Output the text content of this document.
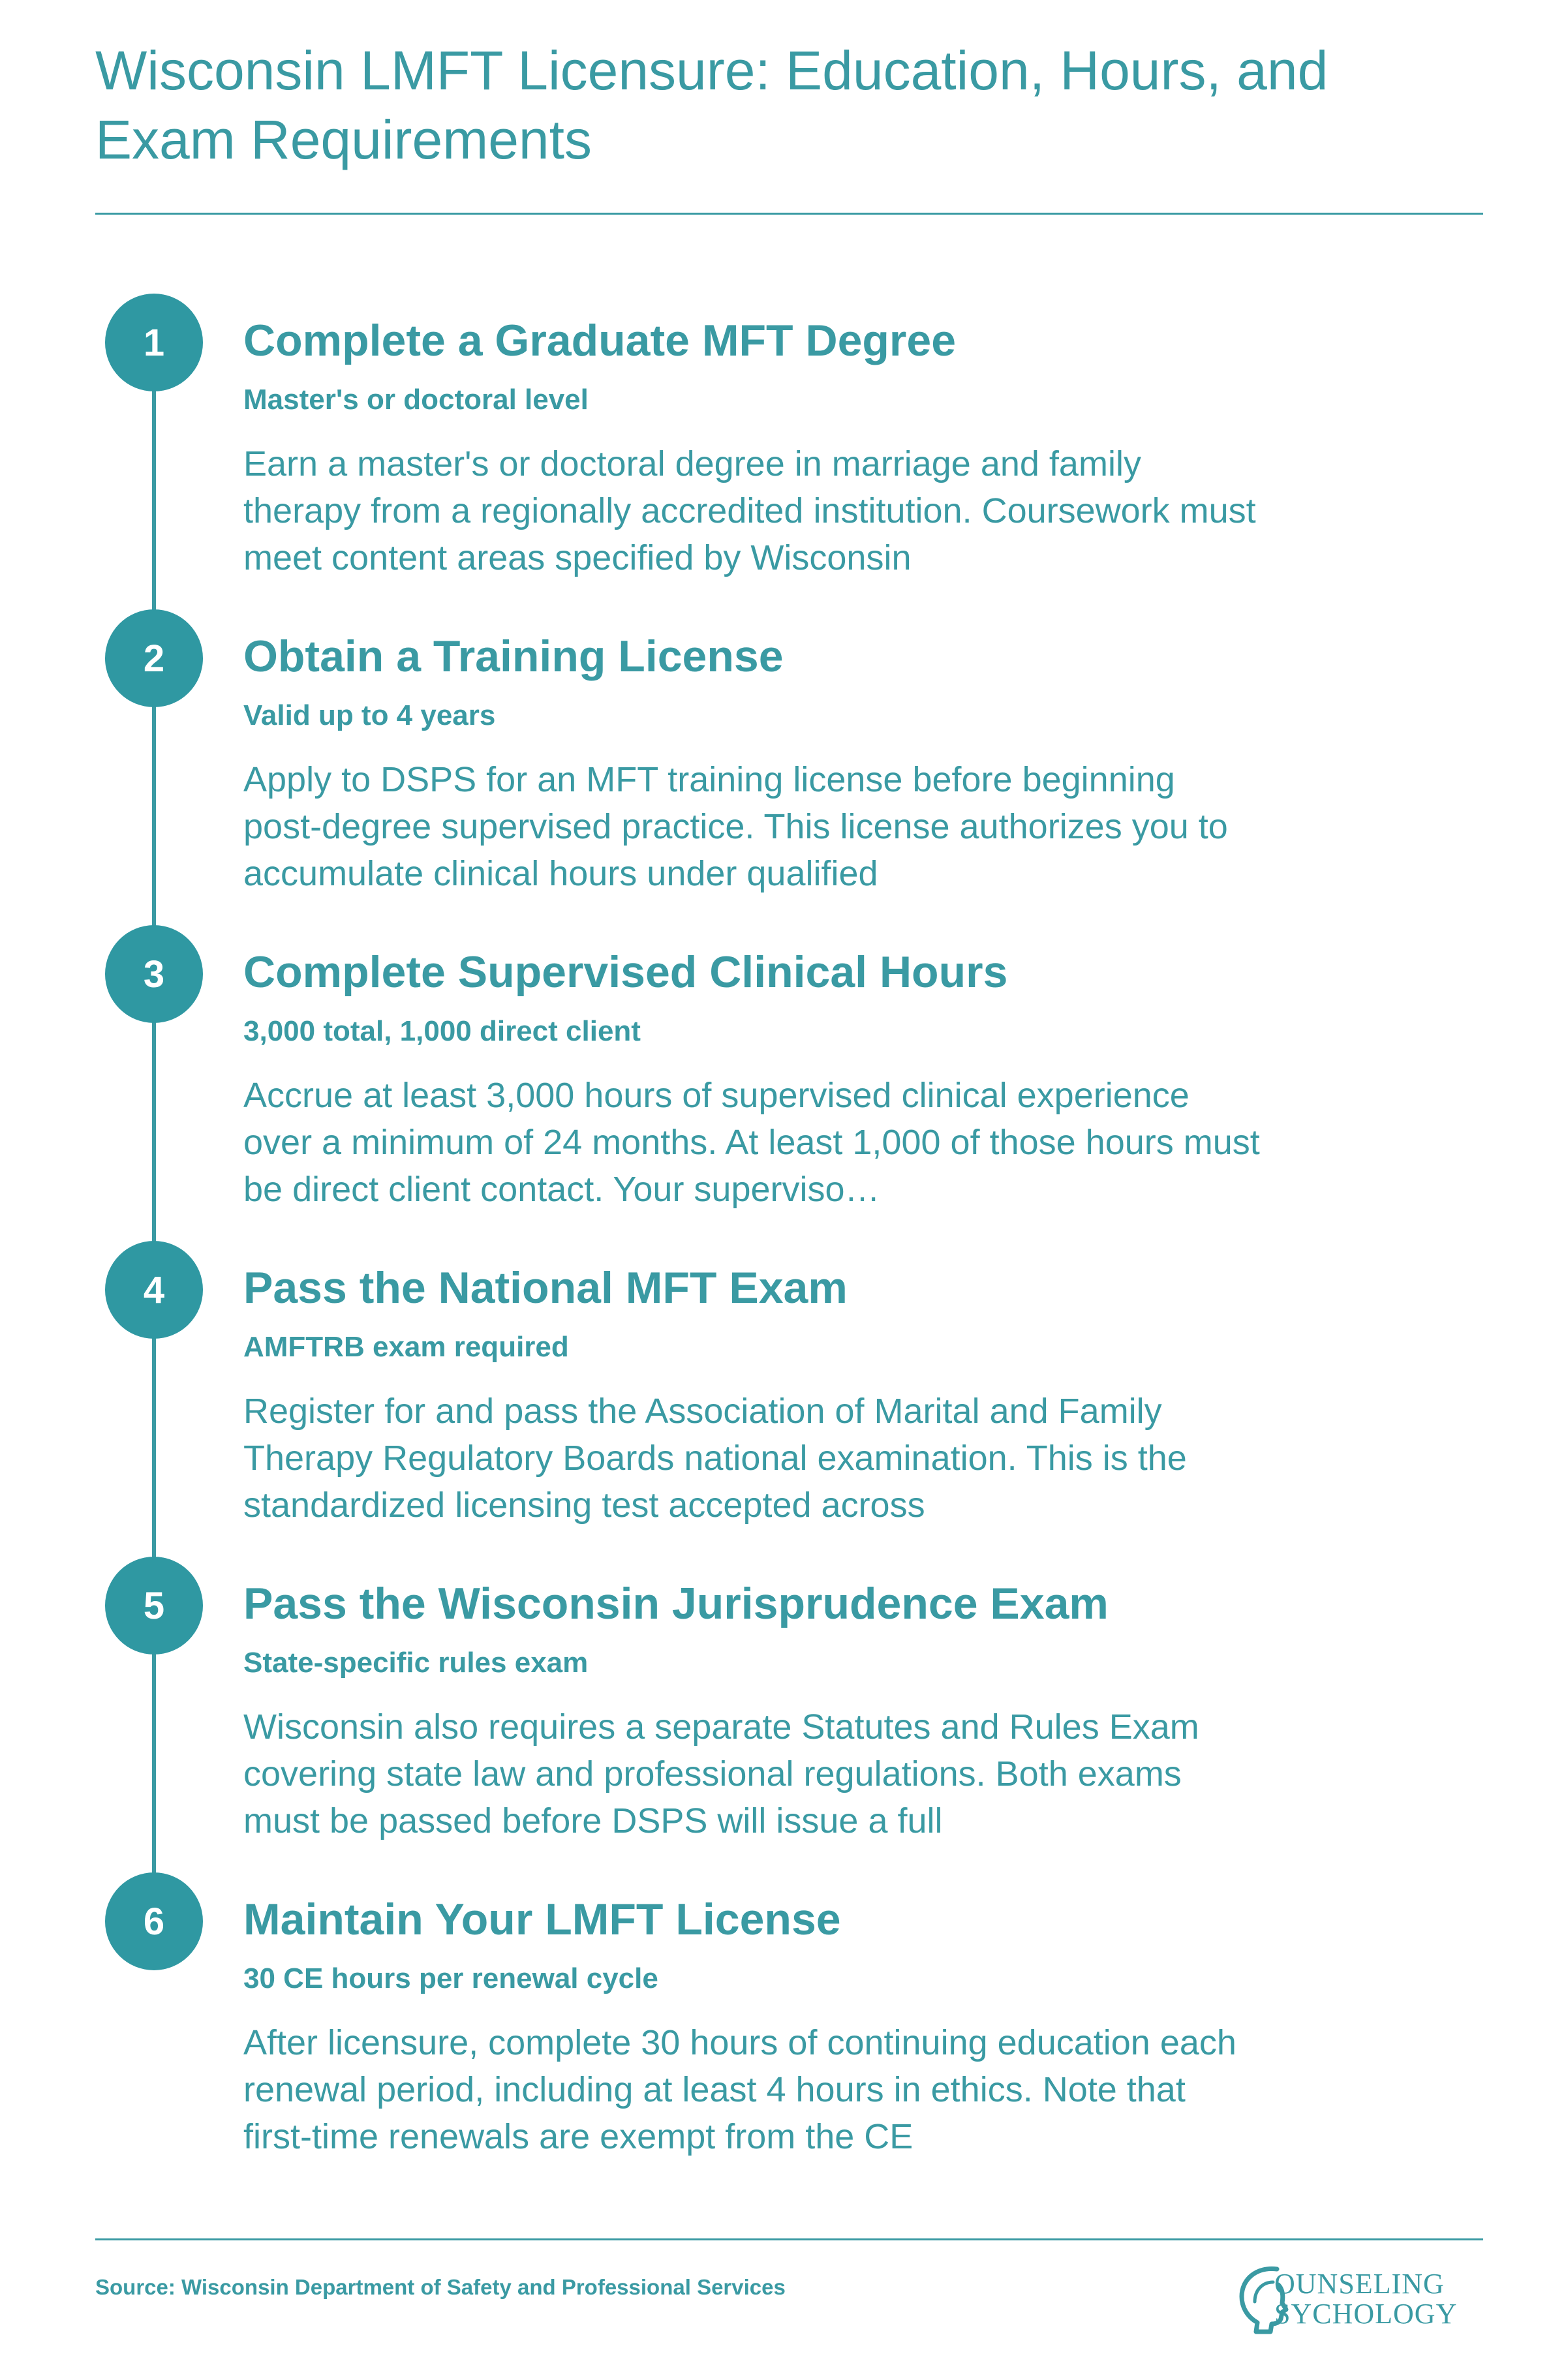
Wisconsin LMFT Licensure: Education, Hours, and Exam Requirements
1	Complete a Graduate MFT Degree
Master's or doctoral level

Earn a master's or doctoral degree in marriage and family therapy from a regionally accredited institution. Coursework must meet content areas specified by Wisconsin

2	Obtain a Training License
Valid up to 4 years

Apply to DSPS for an MFT training license before beginning post-degree supervised practice. This license authorizes you to accumulate clinical hours under qualified

3	Complete Supervised Clinical Hours
3,000 total, 1,000 direct client

Accrue at least 3,000 hours of supervised clinical experience over a minimum of 24 months. At least 1,000 of those hours must be direct client contact. Your superviso…

4	Pass the National MFT Exam
AMFTRB exam required

Register for and pass the Association of Marital and Family Therapy Regulatory Boards national examination. This is the standardized licensing test accepted across

5	Pass the Wisconsin Jurisprudence Exam
State-specific rules exam

Wisconsin also requires a separate Statutes and Rules Exam covering state law and professional regulations. Both exams must be passed before DSPS will issue a full

6	Maintain Your LMFT License
30 CE hours per renewal cycle

After licensure, complete 30 hours of continuing education each renewal period, including at least 4 hours in ethics. Note that first-time renewals are exempt from the CE

Source: Wisconsin Department of Safety and Professional Services	OUNSELING
SYCHOLOGY
